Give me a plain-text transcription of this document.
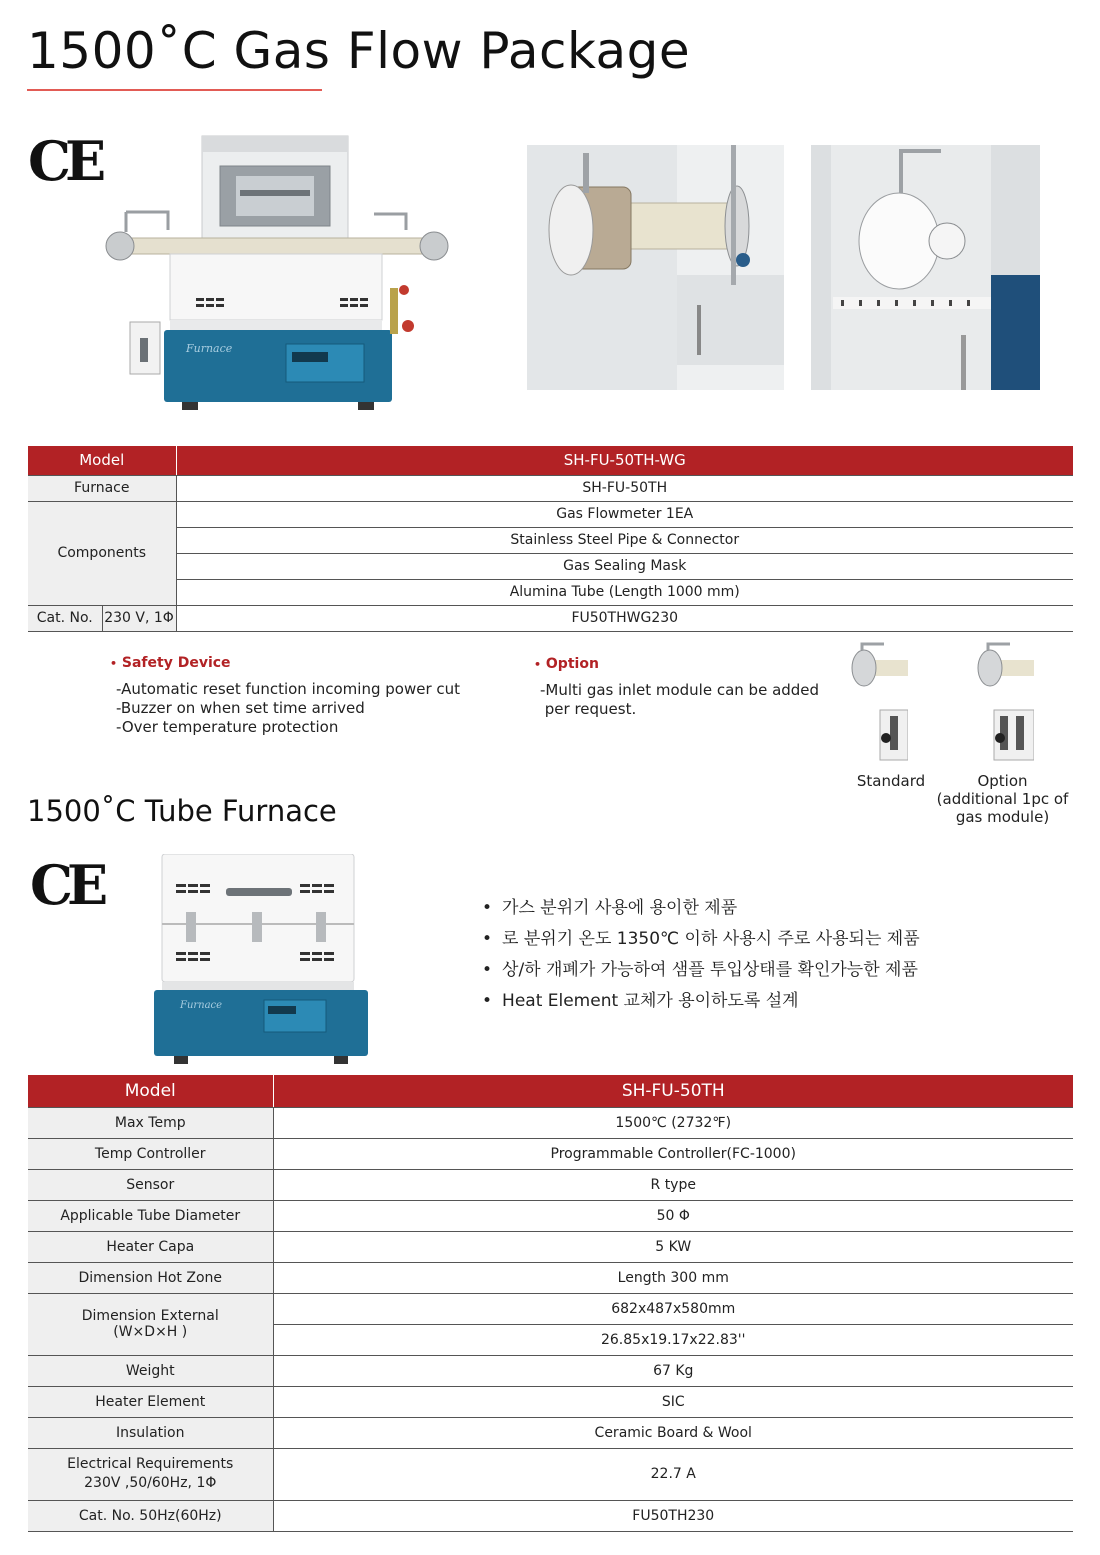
1500˚C Gas Flow Package
CE
Furnace
Model		SH-FU-50TH-WG
Furnace		SH-FU-50TH
Components		Gas Flowmeter 1EA
		Stainless Steel Pipe & Connector
		Gas Sealing Mask
		Alumina Tube (Length 1000 mm)
Cat. No.	230 V, 1Φ	FU50THWG230
• Safety Device
-Automatic reset function incoming power cut
-Buzzer on when set time arrived
-Over temperature protection
• Option
-Multi gas inlet module can be added
per request.
Standard	Option
(additional 1pc of
gas module)
1500˚C Tube Furnace
CE
Furnace
• 가스 분위기 사용에 용이한 제품
• 로 분위기 온도 1350℃ 이하 사용시 주로 사용되는 제품
• 상/하 개폐가 가능하여 샘플 투입상태를 확인가능한 제품
• Heat Element 교체가 용이하도록 설계
Model	SH-FU-50TH
Max Temp	1500℃ (2732℉)
Temp Controller	Programmable Controller(FC-1000)
Sensor	R type
Applicable Tube Diameter	50 Φ
Heater Capa	5 KW
Dimension Hot Zone	Length 300 mm

Dimension External
(W×D×H )	682x487x580mm
	26.85x19.17x22.83''
Weight	67 Kg
Heater Element	SIC
Insulation	Ceramic Board & Wool

Electrical Requirements
230V ,50/60Hz, 1Φ	22.7 A
Cat. No. 50Hz(60Hz)	FU50TH230
